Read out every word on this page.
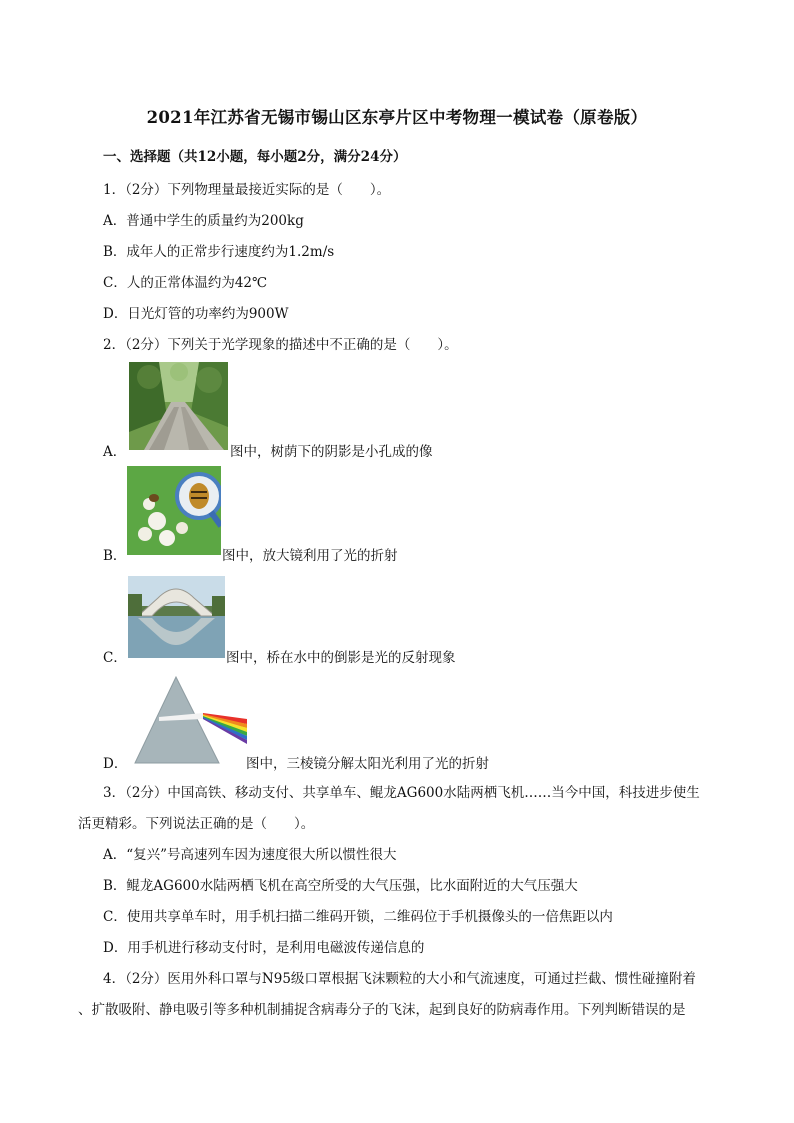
2021年江苏省无锡市锡山区东亭片区中考物理一模试卷（原卷版）
一、选择题（共12小题，每小题2分，满分24分）
1．（2分）下列物理量最接近实际的是（　　）。
A．普通中学生的质量约为200kg
B．成年人的正常步行速度约为1.2m/s
C．人的正常体温约为42℃
D．日光灯管的功率约为900W
2．（2分）下列关于光学现象的描述中不正确的是（　　）。
A．	图中，树荫下的阴影是小孔成的像
B．	图中，放大镜利用了光的折射
C．	图中，桥在水中的倒影是光的反射现象
D．	图中，三棱镜分解太阳光利用了光的折射
3．（2分）中国高铁、移动支付、共享单车、鲲龙AG600水陆两栖飞机……当今中国，科技进步使生
活更精彩。下列说法正确的是（　　）。
A．“复兴”号高速列车因为速度很大所以惯性很大
B．鲲龙AG600水陆两栖飞机在高空所受的大气压强，比水面附近的大气压强大
C．使用共享单车时，用手机扫描二维码开锁，二维码位于手机摄像头的一倍焦距以内
D．用手机进行移动支付时，是利用电磁波传递信息的
4．（2分）医用外科口罩与N95级口罩根据飞沫颗粒的大小和气流速度，可通过拦截、惯性碰撞附着
、扩散吸附、静电吸引等多种机制捕捉含病毒分子的飞沫，起到良好的防病毒作用。下列判断错误的是
